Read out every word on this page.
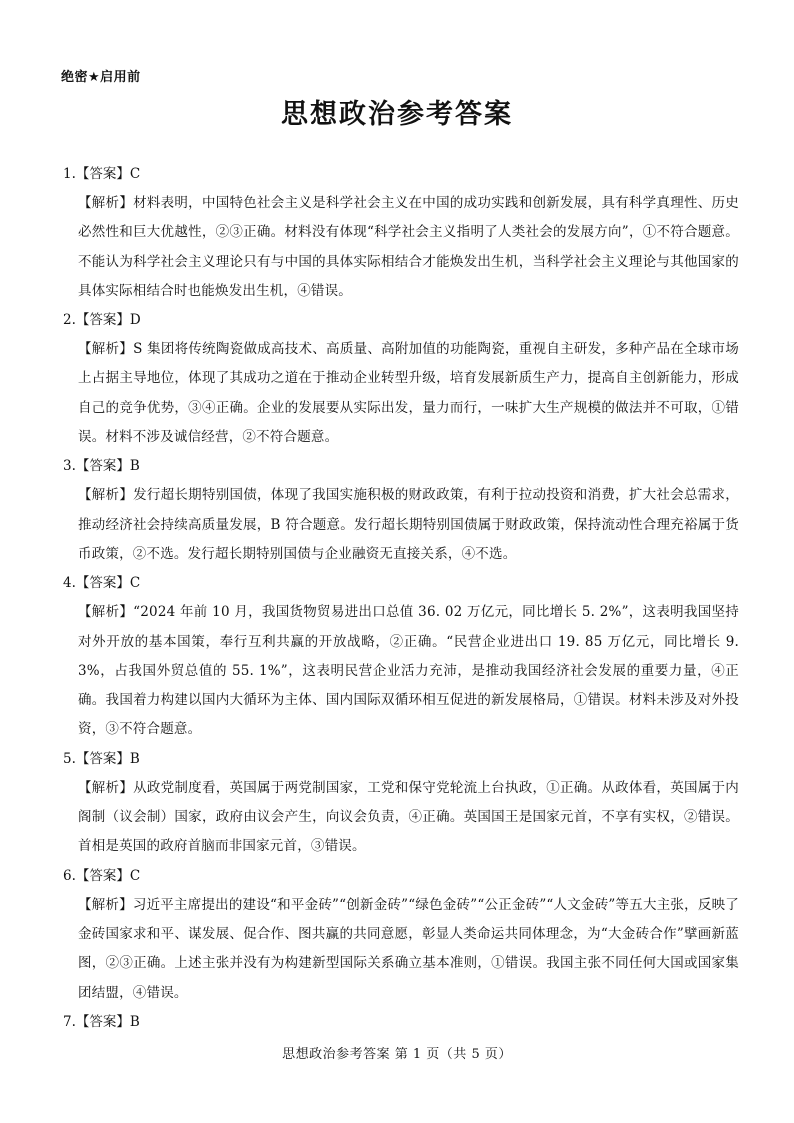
绝密★启用前
思想政治参考答案
1.【答案】C
【解析】材料表明，中国特色社会主义是科学社会主义在中国的成功实践和创新发展，具有科学真理性、历史必然性和巨大优越性，②③正确。材料没有体现“科学社会主义指明了人类社会的发展方向”，①不符合题意。不能认为科学社会主义理论只有与中国的具体实际相结合才能焕发出生机，当科学社会主义理论与其他国家的具体实际相结合时也能焕发出生机，④错误。
2.【答案】D
【解析】S 集团将传统陶瓷做成高技术、高质量、高附加值的功能陶瓷，重视自主研发，多种产品在全球市场上占据主导地位，体现了其成功之道在于推动企业转型升级，培育发展新质生产力，提高自主创新能力，形成自己的竞争优势，③④正确。企业的发展要从实际出发，量力而行，一味扩大生产规模的做法并不可取，①错误。材料不涉及诚信经营，②不符合题意。
3.【答案】B
【解析】发行超长期特别国债，体现了我国实施积极的财政政策，有利于拉动投资和消费，扩大社会总需求，推动经济社会持续高质量发展，B 符合题意。发行超长期特别国债属于财政政策，保持流动性合理充裕属于货币政策，②不选。发行超长期特别国债与企业融资无直接关系，④不选。
4.【答案】C
【解析】“2024 年前 10 月，我国货物贸易进出口总值 36. 02 万亿元，同比增长 5. 2%”，这表明我国坚持对外开放的基本国策，奉行互利共赢的开放战略，②正确。“民营企业进出口 19. 85 万亿元，同比增长 9. 3%，占我国外贸总值的 55. 1%”，这表明民营企业活力充沛，是推动我国经济社会发展的重要力量，④正确。我国着力构建以国内大循环为主体、国内国际双循环相互促进的新发展格局，①错误。材料未涉及对外投资，③不符合题意。
5.【答案】B
【解析】从政党制度看，英国属于两党制国家，工党和保守党轮流上台执政，①正确。从政体看，英国属于内阁制（议会制）国家，政府由议会产生，向议会负责，④正确。英国国王是国家元首，不享有实权，②错误。首相是英国的政府首脑而非国家元首，③错误。
6.【答案】C
【解析】习近平主席提出的建设“和平金砖”“创新金砖”“绿色金砖”“公正金砖”“人文金砖”等五大主张，反映了金砖国家求和平、谋发展、促合作、图共赢的共同意愿，彰显人类命运共同体理念，为“大金砖合作”擘画新蓝图，②③正确。上述主张并没有为构建新型国际关系确立基本准则，①错误。我国主张不同任何大国或国家集团结盟，④错误。
7.【答案】B
思想政治参考答案 第 1 页（共 5 页）
